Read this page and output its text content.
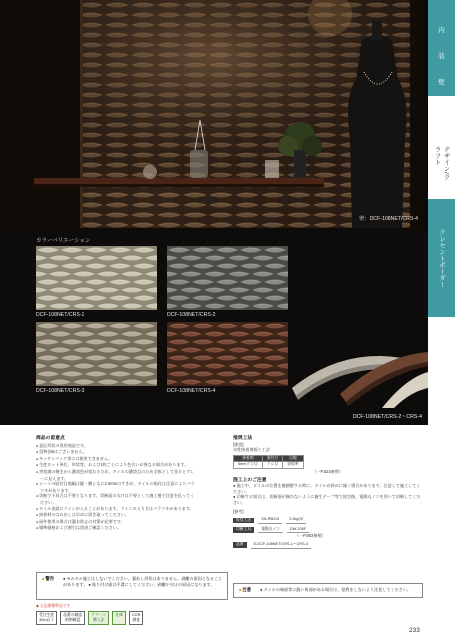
壁：DCF-108NET/CRS-4
カラーバリエーション
DCF-108NET/CRS-1	DCF-108NET/CRS-2
DCF-108NET/CRS-3	DCF-108NET/CRS-4
DCF-108NET/CRS-2〜CRS-4
内
装
壁
デザイン/クラフト
クレセントボーダー
商品の留意点
● 意匠形状の専用商品です。
● 役物품Bはございません。
● キッチンバック等には使用できません。
● 生産ロット単位、形状等、および1枚ごとにより色合いが異なる場合があります。
● 窯変調の焼きから濃淡色が変わるため、タイルの濃淡目のため全体として見るとグレーに見えます。
● シートの貼付目地幅は縦・横ともに2.5mmのすきが、タイルの貼付は注意によりバラツキがあります。
● 切断で不具合は不要となります。切断面の欠けは不要として施工後で注意を払ってください。
● タイル表面にラインが入ることがあります。ラインの入り方はバラツキがあります。
● 接着材のはみ出しは早めに拭き取ってください。
● 屋外使用の場合は漏水防止の対策が必要です。
● 標準価格および割引は別途ご確認ください。
推奨工法
[推奨]
水性接着剤張り工法
接着剤	張付け	目地
5mmクシ目	クシ目	容積率
（一P.633参照）
施工上のご注意
● 施工中、タイルの位置を微調整する時に、タイルが斜めに傾く場合があります。注意して施工してください。
● 切断する場合は、切断面が揃わないように養生テープ等で固定後、電動丸ノコを用いて切断してください。
[参考]
推奨工法	SN-RB/G3	2.0kg/㎡
切断工具	電動丸ノコ	DW-105F
（一P.803参照）
品番	E-DCF-108NET/CRS-1〜CRS-4
▲警告 ● モルタル施工はしないでください。裏あし形状はありません。剥離の原因となることがあります。 ● 貼り付け面は平滑にしてください。剥離や欠けの原因になります。
▲注意 ● タイルの端部等に鋭い角部がある場合は、怪我をしないよう注意してください。
◆ 全品番標準品です
受注生産
30m以下
品番の確認
納期確認
グリーン
購入法
在庫 CGR
調査
233
